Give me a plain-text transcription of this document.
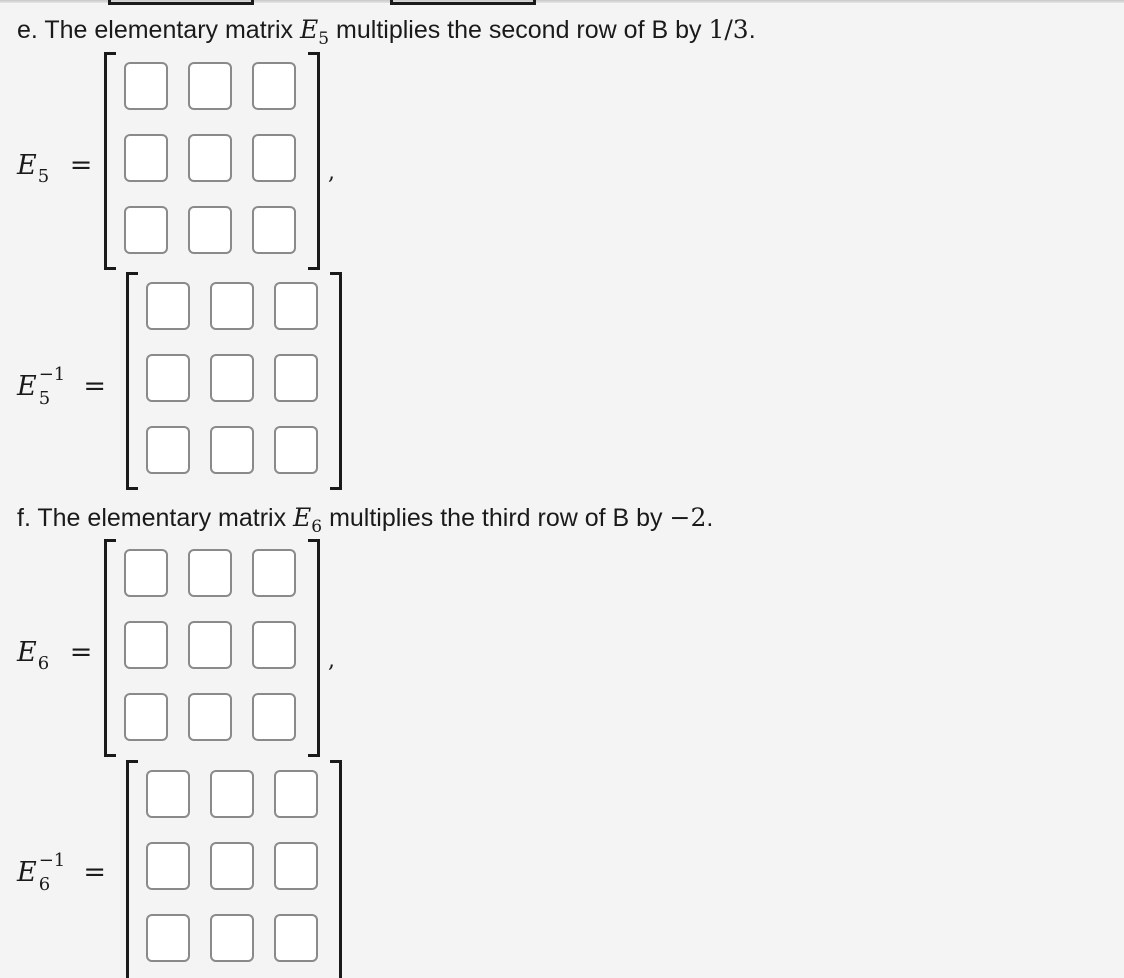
e. The elementary matrix $E_5$ multiplies the second row of B by 1/3.
$E_5$ =	,
E −1
5 =
f. The elementary matrix $E_6$ multiplies the third row of B by −2.
$E_6$ =	,
E −1
6 =
